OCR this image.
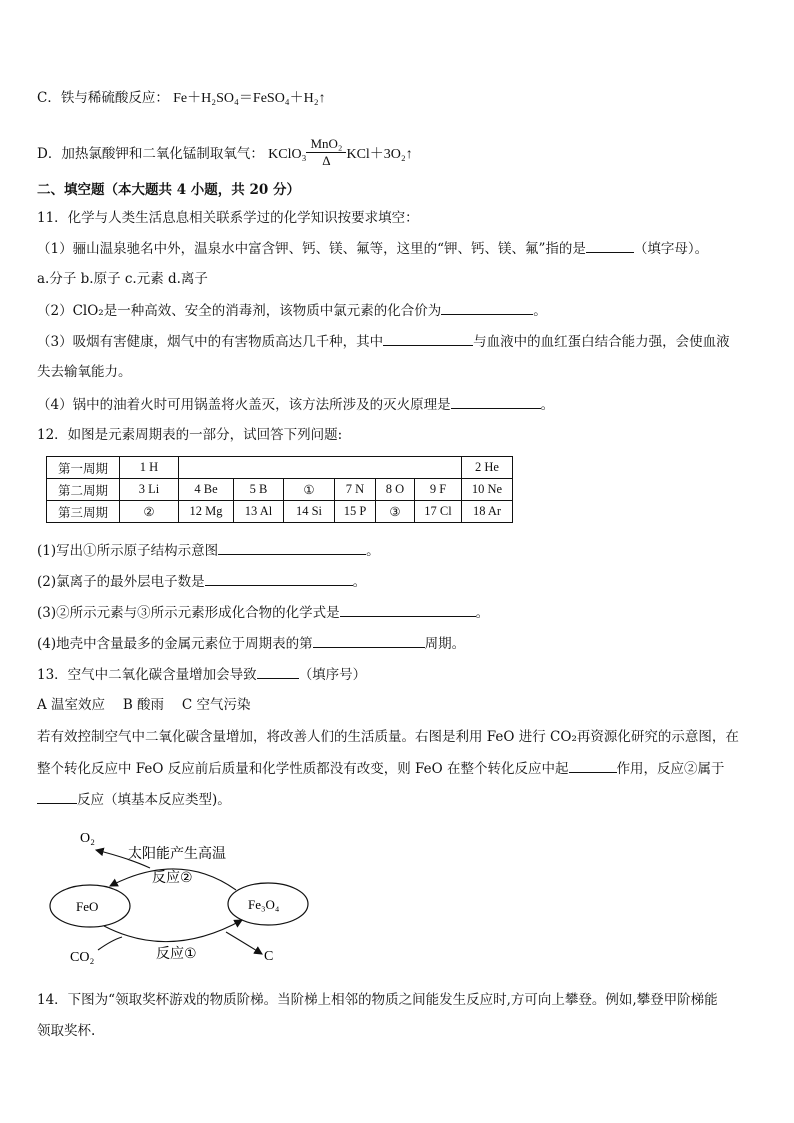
C．铁与稀硫酸反应： Fe＋H₂SO₄＝FeSO₄＋H₂↑
D．加热氯酸钾和二氧化锰制取氧气： KClO₃ $\frac{\text{MnO₂}}{\Delta}$ KCl＋3O₂↑
二、填空题（本大题共 4 小题，共 20 分）
11．化学与人类生活息息相关联系学过的化学知识按要求填空：
（1）骊山温泉驰名中外，温泉水中富含钾、钙、镁、氟等，这里的“钾、钙、镁、氟”指的是	（填字母）。
a.分子 b.原子 c.元素 d.离子
（2）ClO₂是一种高效、安全的消毒剂，该物质中氯元素的化合价为	。
（3）吸烟有害健康，烟气中的有害物质高达几千种，其中	与血液中的血红蛋白结合能力强，会使血液
失去输氧能力。
（4）锅中的油着火时可用锅盖将火盖灭，该方法所涉及的灭火原理是	。
12．如图是元素周期表的一部分，试回答下列问题:
第一周期	1 H							2 He
第二周期	3 Li	4 Be	5 B	①	7 N	8 O	9 F	10 Ne
第三周期	②	12 Mg	13 Al	14 Si	15 P	③	17 Cl	18 Ar
(1)写出①所示原子结构示意图	。
(2)氯离子的最外层电子数是	。
(3)②所示元素与③所示元素形成化合物的化学式是	。
(4)地壳中含量最多的金属元素位于周期表的第	周期。
13．空气中二氧化碳含量增加会导致	（填序号）
A 温室效应　 B 酸雨　 C 空气污染
若有效控制空气中二氧化碳含量增加，将改善人们的生活质量。右图是利用 FeO 进行 CO₂再资源化研究的示意图，在
整个转化反应中 FeO 反应前后质量和化学性质都没有改变，则 FeO 在整个转化反应中起	作用，反应②属于
反应（填基本反应类型)。
O₂
太阳能产生高温
反应②
FeO	Fe₃O₄
CO₂	反应①	C
14．下图为“领取奖杯游戏的物质阶梯。当阶梯上相邻的物质之间能发生反应时,方可向上攀登。例如,攀登甲阶梯能
领取奖杯.
